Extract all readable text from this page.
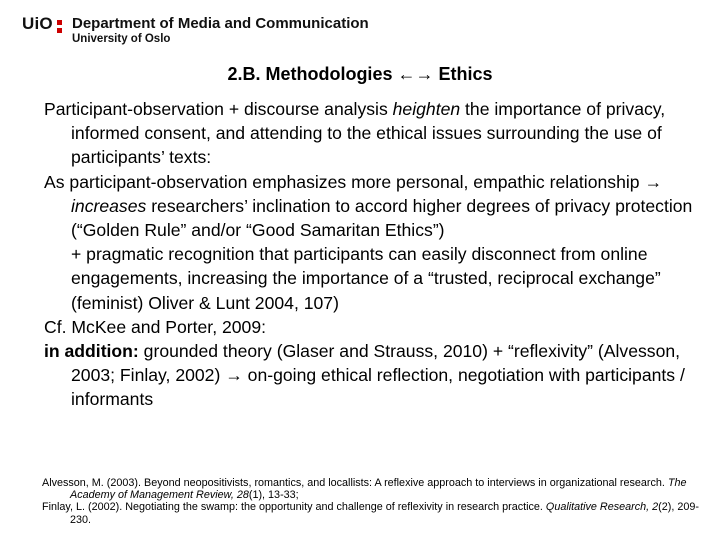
UiO	Department of Media and Communication
University of Oslo
2.B. Methodologies ←→ Ethics

Participant-observation + discourse analysis heighten the importance of privacy, informed consent, and attending to the ethical issues surrounding the use of participants’ texts:

As participant-observation emphasizes more personal, empathic relationship → increases researchers’ inclination to accord higher degrees of privacy protection (“Golden Rule” and/or “Good Samaritan Ethics”)

+ pragmatic recognition that participants can easily disconnect from online engagements, increasing the importance of a “trusted, reciprocal exchange” (feminist) Oliver & Lunt 2004, 107)

Cf. McKee and Porter, 2009:

in addition: grounded theory (Glaser and Strauss, 2010) + “reflexivity” (Alvesson, 2003; Finlay, 2002) → on-going ethical reflection, negotiation with participants / informants

Alvesson, M. (2003). Beyond neopositivists, romantics, and locallists: A reflexive approach to interviews in organizational research. The Academy of Management Review, 28(1), 13-33;

Finlay, L. (2002). Negotiating the swamp: the opportunity and challenge of reflexivity in research practice. Qualitative Research, 2(2), 209-230.
